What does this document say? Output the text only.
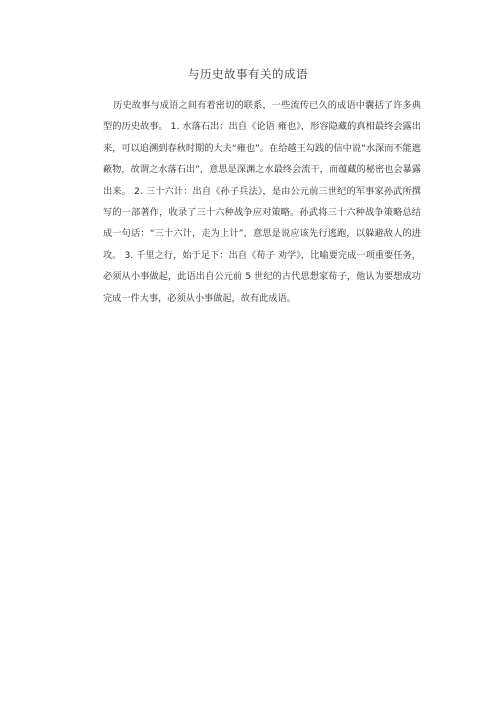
与历史故事有关的成语

历史故事与成语之间有着密切的联系，一些流传已久的成语中囊括了许多典型的历史故事。 1. 水落石出：出自《论语 雍也》，形容隐藏的真相最终会露出来，可以追溯到春秋时期的大夫“雍也”。在给越王勾践的信中说“水深而不能遮蔽物，故谓之水落石出”，意思是深渊之水最终会流干，而蕴藏的秘密也会暴露出来。 2. 三十六计：出自《孙子兵法》，是由公元前三世纪的军事家孙武所撰写的一部著作，收录了三十六种战争应对策略。孙武将三十六种战争策略总结成一句话：“三十六计，走为上计”，意思是说应该先行逃跑，以躲避敌人的进攻。 3. 千里之行，始于足下：出自《荀子 劝学》，比喻要完成一项重要任务，必须从小事做起，此语出自公元前 5 世纪的古代思想家荀子，他认为要想成功完成一件大事，必须从小事做起，故有此成语。
